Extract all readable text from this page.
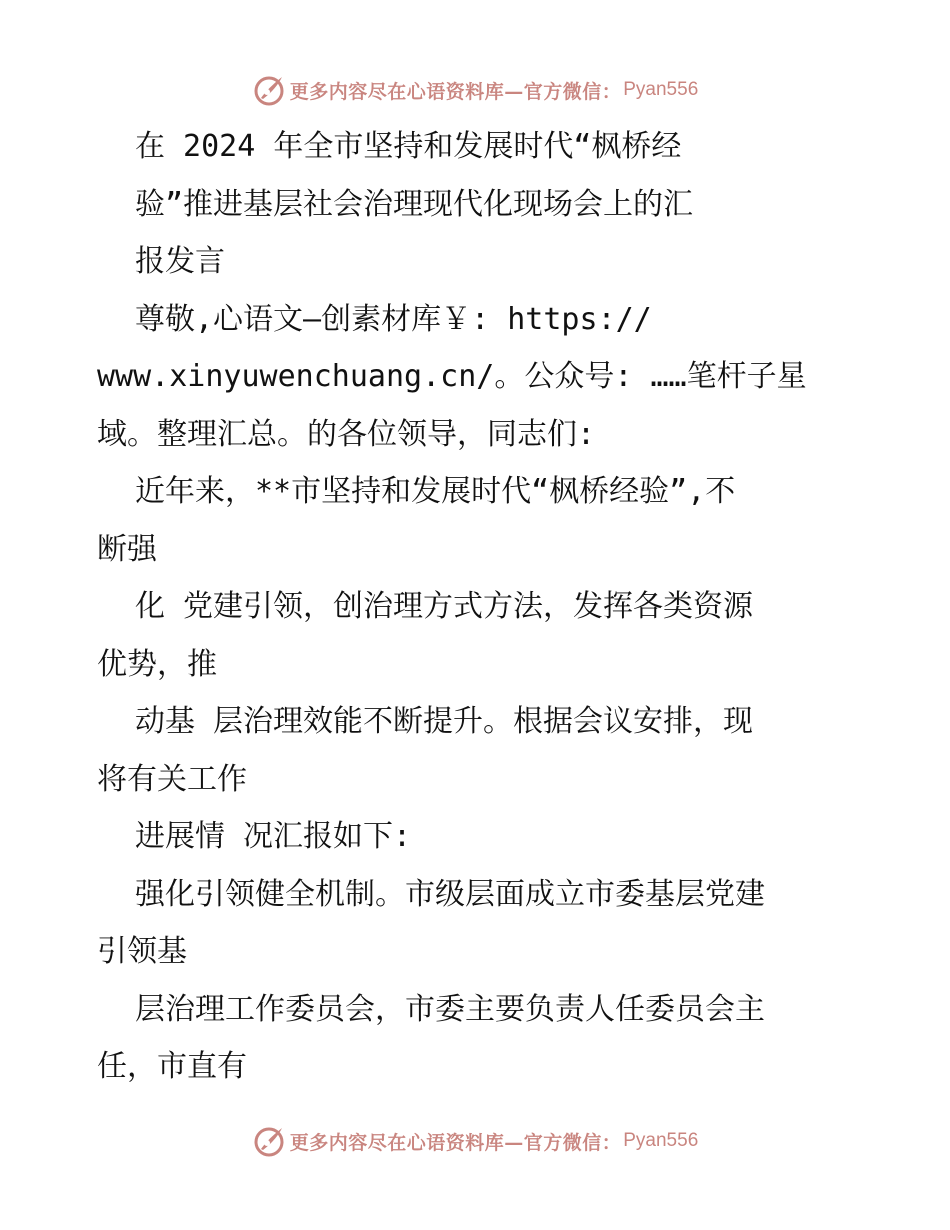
更多内容尽在心语资料库—官方微信： Pyan556
在 2024 年全市坚持和发展时代“枫桥经
验”推进基层社会治理现代化现场会上的汇
报发言
尊敬,心语文—创素材库￥: https://
www.xinyuwenchuang.cn/。公众号: ……笔杆子星
域。整理汇总。的各位领导，同志们:
近年来，**市坚持和发展时代“枫桥经验”,不
断强
化 党建引领，创治理方式方法，发挥各类资源
优势，推
动基 层治理效能不断提升。根据会议安排，现
将有关工作
进展情 况汇报如下:
强化引领健全机制。市级层面成立市委基层党建
引领基
层治理工作委员会，市委主要负责人任委员会主
任，市直有
更多内容尽在心语资料库—官方微信： Pyan556
